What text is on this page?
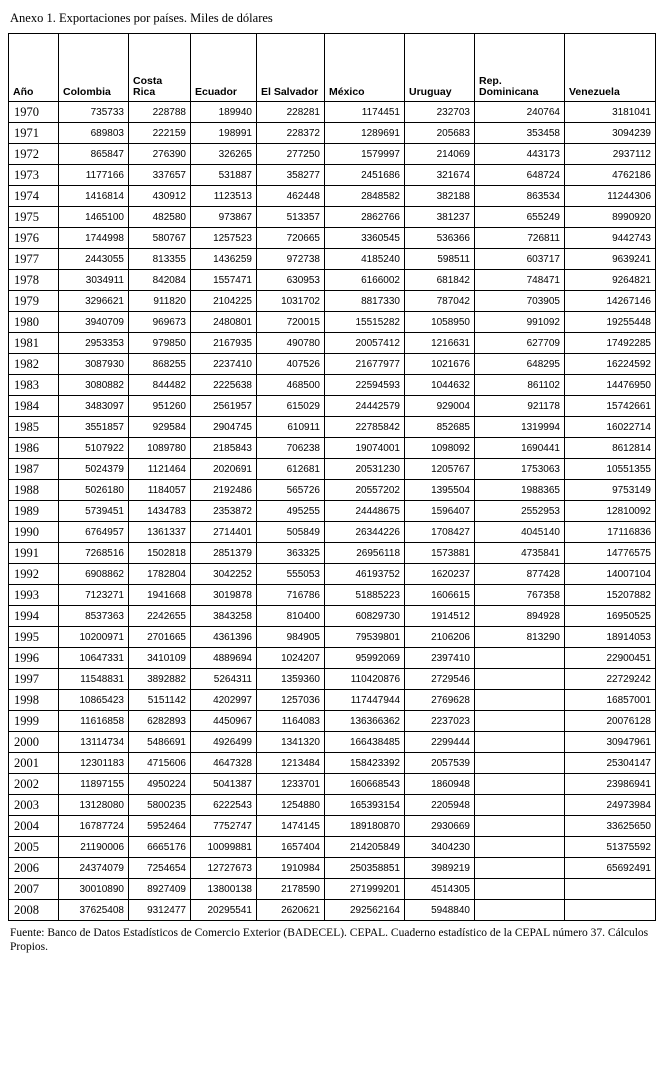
Anexo 1. Exportaciones por países. Miles de dólares
Año	Colombia	Costa Rica	Ecuador	El Salvador	México	Uruguay	Rep. Dominicana	Venezuela
1970	735733	228788	189940	228281	1174451	232703	240764	3181041
1971	689803	222159	198991	228372	1289691	205683	353458	3094239
1972	865847	276390	326265	277250	1579997	214069	443173	2937112
1973	1177166	337657	531887	358277	2451686	321674	648724	4762186
1974	1416814	430912	1123513	462448	2848582	382188	863534	11244306
1975	1465100	482580	973867	513357	2862766	381237	655249	8990920
1976	1744998	580767	1257523	720665	3360545	536366	726811	9442743
1977	2443055	813355	1436259	972738	4185240	598511	603717	9639241
1978	3034911	842084	1557471	630953	6166002	681842	748471	9264821
1979	3296621	911820	2104225	1031702	8817330	787042	703905	14267146
1980	3940709	969673	2480801	720015	15515282	1058950	991092	19255448
1981	2953353	979850	2167935	490780	20057412	1216631	627709	17492285
1982	3087930	868255	2237410	407526	21677977	1021676	648295	16224592
1983	3080882	844482	2225638	468500	22594593	1044632	861102	14476950
1984	3483097	951260	2561957	615029	24442579	929004	921178	15742661
1985	3551857	929584	2904745	610911	22785842	852685	1319994	16022714
1986	5107922	1089780	2185843	706238	19074001	1098092	1690441	8612814
1987	5024379	1121464	2020691	612681	20531230	1205767	1753063	10551355
1988	5026180	1184057	2192486	565726	20557202	1395504	1988365	9753149
1989	5739451	1434783	2353872	495255	24448675	1596407	2552953	12810092
1990	6764957	1361337	2714401	505849	26344226	1708427	4045140	17116836
1991	7268516	1502818	2851379	363325	26956118	1573881	4735841	14776575
1992	6908862	1782804	3042252	555053	46193752	1620237	877428	14007104
1993	7123271	1941668	3019878	716786	51885223	1606615	767358	15207882
1994	8537363	2242655	3843258	810400	60829730	1914512	894928	16950525
1995	10200971	2701665	4361396	984905	79539801	2106206	813290	18914053
1996	10647331	3410109	4889694	1024207	95992069	2397410		22900451
1997	11548831	3892882	5264311	1359360	110420876	2729546		22729242
1998	10865423	5151142	4202997	1257036	117447944	2769628		16857001
1999	11616858	6282893	4450967	1164083	136366362	2237023		20076128
2000	13114734	5486691	4926499	1341320	166438485	2299444		30947961
2001	12301183	4715606	4647328	1213484	158423392	2057539		25304147
2002	11897155	4950224	5041387	1233701	160668543	1860948		23986941
2003	13128080	5800235	6222543	1254880	165393154	2205948		24973984
2004	16787724	5952464	7752747	1474145	189180870	2930669		33625650
2005	21190006	6665176	10099881	1657404	214205849	3404230		51375592
2006	24374079	7254654	12727673	1910984	250358851	3989219		65692491
2007	30010890	8927409	13800138	2178590	271999201	4514305		
2008	37625408	9312477	20295541	2620621	292562164	5948840		
Fuente: Banco de Datos Estadísticos de Comercio Exterior (BADECEL). CEPAL. Cuaderno estadístico de la CEPAL número 37. Cálculos Propios.
